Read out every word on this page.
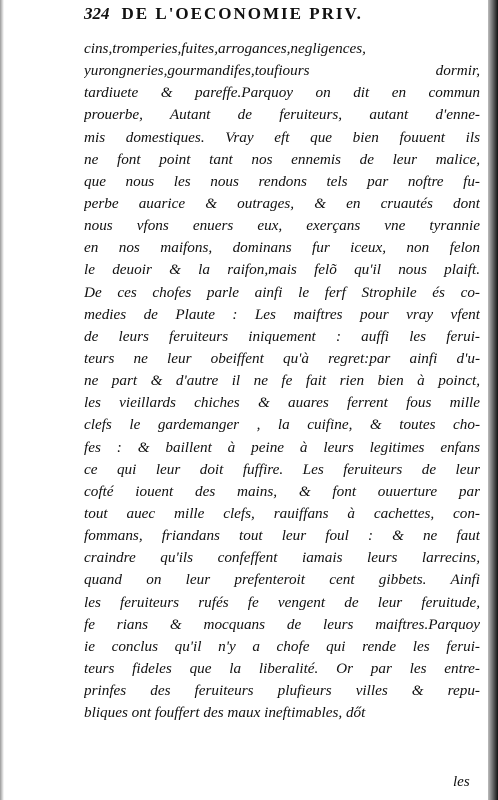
324 DE L'OECONOMIE PRIV.
cins,tromperies,fuites,arrogances,negligences,
yurongneries,gourmandifes,toufiours dormir,
tardiuete & pareffe.Parquoy on dit en commun
prouerbe, Autant de feruiteurs, autant d'enne-
mis domestiques. Vray eft que bien fouuent ils
ne font point tant nos ennemis de leur malice,
que nous les nous rendons tels par noftre fu-
perbe auarice & outrages, & en cruautés dont
nous vfons enuers eux, exerçans vne tyrannie
en nos maifons, dominans fur iceux, non felon
le deuoir & la raifon,mais felõ qu'il nous plaift.
De ces chofes parle ainfi le ferf Strophile és co-
medies de Plaute : Les maiftres pour vray vfent
de leurs feruiteurs iniquement : auffi les ferui-
teurs ne leur obeiffent qu'à regret:par ainfi d'u-
ne part & d'autre il ne fe fait rien bien à poinct,
les vieillards chiches & auares ferrent fous mille
clefs le gardemanger , la cuifine, & toutes cho-
fes : & baillent à peine à leurs legitimes enfans
ce qui leur doit fuffire. Les feruiteurs de leur
cofté iouent des mains, & font ouuerture par
tout auec mille clefs, rauiffans à cachettes, con-
fommans, friandans tout leur foul : & ne faut
craindre qu'ils confeffent iamais leurs larrecins,
quand on leur prefenteroit cent gibbets. Ainfi
les feruiteurs rufés fe vengent de leur feruitude,
fe rians & mocquans de leurs maiftres.Parquoy
ie conclus qu'il n'y a chofe qui rende les ferui-
teurs fideles que la liberalité. Or par les entre-
prinfes des feruiteurs plufieurs villes & repu-
bliques ont fouffert des maux ineftimables, dőt
les
